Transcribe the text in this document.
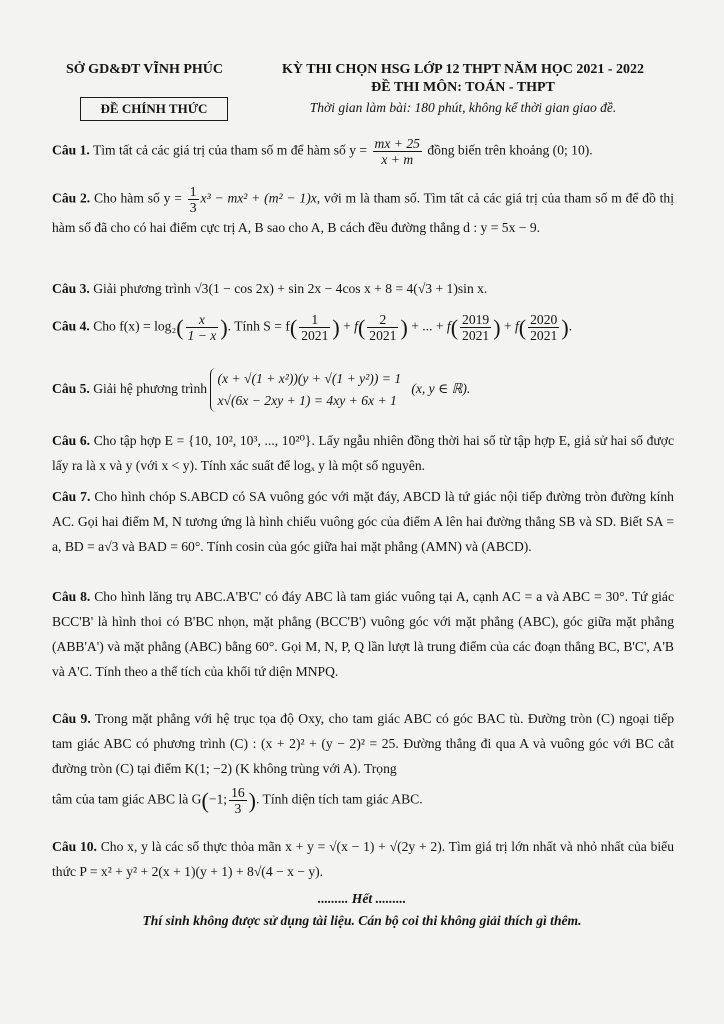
SỞ GD&ĐT VĨNH PHÚC	KỲ THI CHỌN HSG LỚP 12 THPT NĂM HỌC 2021 - 2022
ĐỀ THI MÔN: TOÁN - THPT
Thời gian làm bài: 180 phút, không kể thời gian giao đề.
ĐỀ CHÍNH THỨC
Câu 1. Tìm tất cả các giá trị của tham số m để hàm số $y = \frac{mx + 25}{x + m}$ đồng biến trên khoảng (0; 10).
Câu 2. Cho hàm số $y = \frac{1}{3} x^3 - mx^2 + (m^2 - 1)x$, với m là tham số. Tìm tất cả các giá trị của tham số m để đồ thị hàm số đã cho có hai điểm cực trị A, B sao cho A, B cách đều đường thẳng d : y = 5x − 9.
Câu 3. Giải phương trình √3(1 − cos 2x) + sin 2x − 4cos x + 8 = 4(√3 + 1)sin x.
Câu 4. Cho $f(x) = \log_2( \frac{x}{1 - x}$ ). Tính $S = f( \frac{1}{2021}$ ) + $f( \frac{2}{2021}$ ) + ... + $f( \frac{2019}{2021}$ ) + $f( \frac{2020}{2021}$ ).
Câu 5. Giải hệ phương trình
(x + √(1 + x²))(y + √(1 + y²)) = 1
x√(6x − 2xy + 1) = 4xy + 6x + 1
(x, y ∈ ℝ).
Câu 6. Cho tập hợp E = {10, 10², 10³, ..., 10²⁰}. Lấy ngẫu nhiên đồng thời hai số từ tập hợp E, giả sử hai số được lấy ra là x và y (với x < y). Tính xác suất để logₓ y là một số nguyên.
Câu 7. Cho hình chóp S.ABCD có SA vuông góc với mặt đáy, ABCD là tứ giác nội tiếp đường tròn đường kính AC. Gọi hai điểm M, N tương ứng là hình chiếu vuông góc của điểm A lên hai đường thẳng SB và SD. Biết SA = a, BD = a√3 và BAD = 60°. Tính cosin của góc giữa hai mặt phẳng (AMN) và (ABCD).
Câu 8. Cho hình lăng trụ ABC.A'B'C' có đáy ABC là tam giác vuông tại A, cạnh AC = a và ABC = 30°. Tứ giác BCC'B' là hình thoi có B'BC nhọn, mặt phẳng (BCC'B') vuông góc với mặt phẳng (ABC), góc giữa mặt phẳng (ABB'A') và mặt phẳng (ABC) bằng 60°. Gọi M, N, P, Q lần lượt là trung điểm của các đoạn thẳng BC, B'C', A'B và A'C. Tính theo a thể tích của khối tứ diện MNPQ.
Câu 9. Trong mặt phẳng với hệ trục tọa độ Oxy, cho tam giác ABC có góc BAC tù. Đường tròn (C) ngoại tiếp tam giác ABC có phương trình (C) : (x + 2)² + (y − 2)² = 25. Đường thẳng đi qua A và vuông góc với BC cắt đường tròn (C) tại điểm K(1; −2) (K không trùng với A). Trọng
tâm của tam giác ABC là G(−1; $\frac{16}{3}$ ). Tính diện tích tam giác ABC.
Câu 10. Cho x, y là các số thực thỏa mãn x + y = √(x − 1) + √(2y + 2). Tìm giá trị lớn nhất và nhỏ nhất của biểu thức P = x² + y² + 2(x + 1)(y + 1) + 8√(4 − x − y).
......... Hết .........
Thí sinh không được sử dụng tài liệu. Cán bộ coi thi không giải thích gì thêm.
